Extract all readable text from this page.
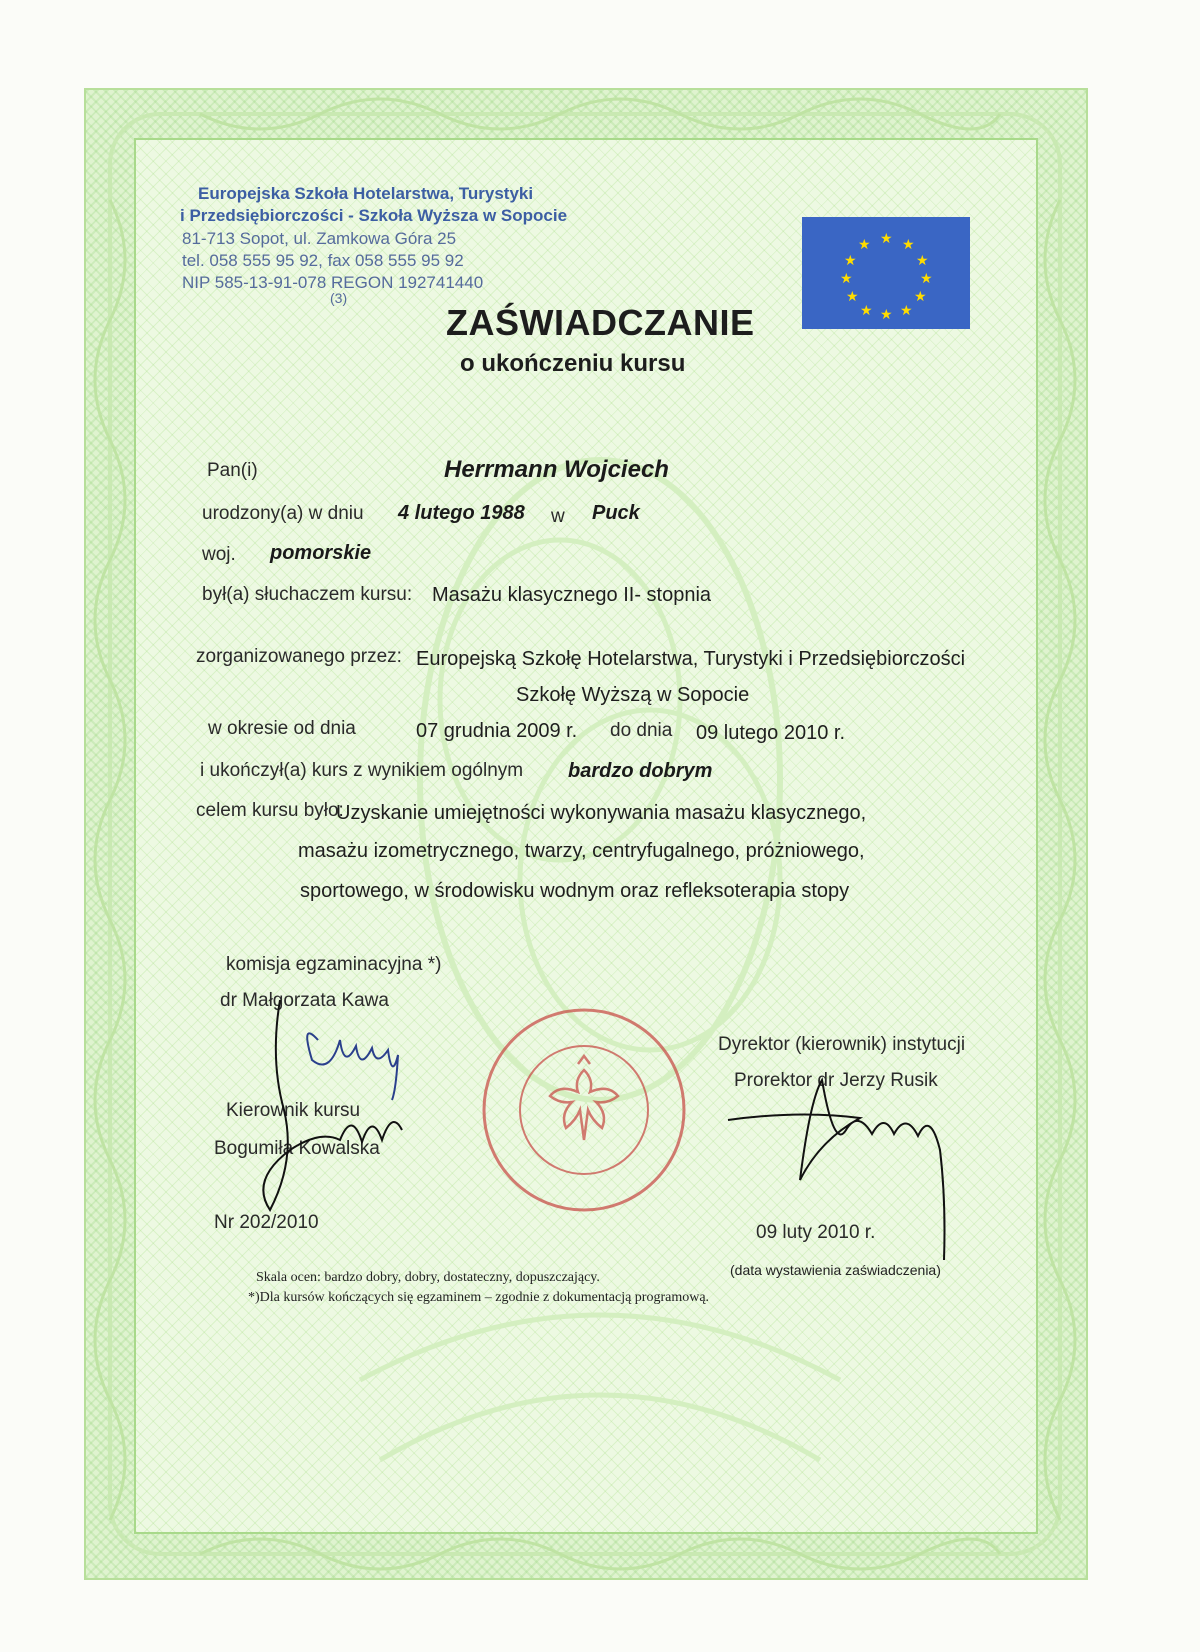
Europejska Szkoła Hotelarstwa, Turystyki
i Przedsiębiorczości - Szkoła Wyższa w Sopocie
81-713 Sopot, ul. Zamkowa Góra 25
tel. 058 555 95 92, fax 058 555 95 92
NIP 585-13-91-078 REGON 192741440
(3)
★ ★
★
★
★
★
★
★
★
★
★
★
ZAŚWIADCZANIE
o ukończeniu kursu
Pan(i)	Herrmann Wojciech
urodzony(a) w dniu 4 lutego 1988 w Puck
woj. pomorskie
był(a) słuchaczem kursu: Masażu klasycznego II- stopnia
zorganizowanego przez: Europejską Szkołę Hotelarstwa, Turystyki i Przedsiębiorczości
Szkołę Wyższą w Sopocie
w okresie od dnia	07 grudnia 2009 r. do dnia 09 lutego 2010 r.
i ukończył(a) kurs z wynikiem ogólnym bardzo dobrym
celem kursu było:
Uzyskanie umiejętności wykonywania masażu klasycznego,
masażu izometrycznego, twarzy, centryfugalnego, próżniowego,
sportowego, w środowisku wodnym oraz refleksoterapia stopy
komisja egzaminacyjna *)
dr Małgorzata Kawa
Kierownik kursu
Bogumiła Kowalska
Nr 202/2010
Dyrektor (kierownik) instytucji
Prorektor dr Jerzy Rusik
09 luty 2010 r.
(data wystawienia zaświadczenia)
Skala ocen: bardzo dobry, dobry, dostateczny, dopuszczający.
*)Dla kursów kończących się egzaminem – zgodnie z dokumentacją programową.
